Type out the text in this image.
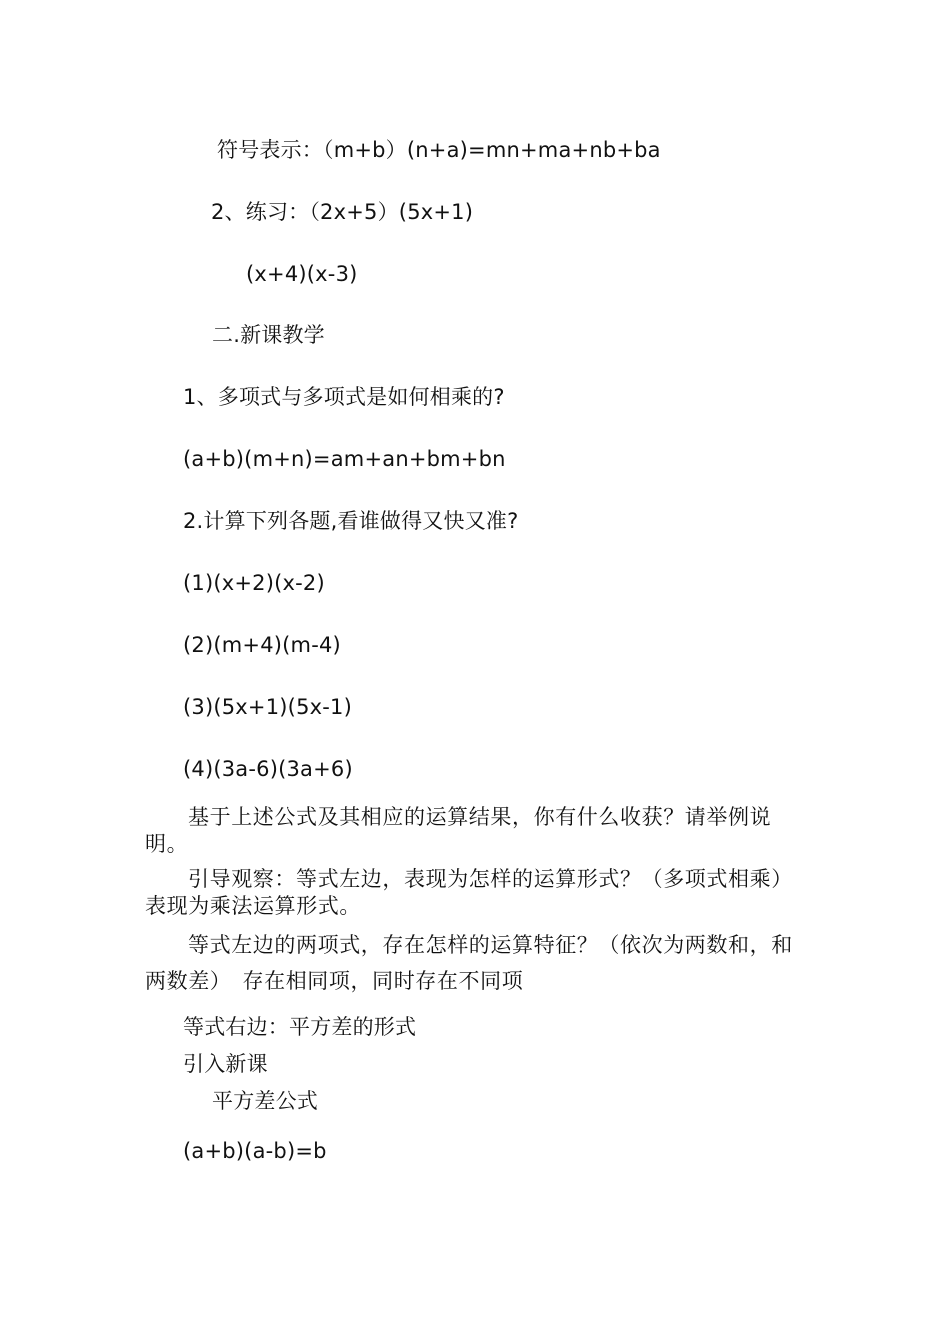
符号表示：（m+b）(n+a)=mn+ma+nb+ba
2、练习：（2x+5）(5x+1)
(x+4)(x-3)
二.新课教学
1、多项式与多项式是如何相乘的?
(a+b)(m+n)=am+an+bm+bn
2.计算下列各题,看谁做得又快又准?
(1)(x+2)(x-2)
(2)(m+4)(m-4)
(3)(5x+1)(5x-1)
(4)(3a-6)(3a+6)
基于上述公式及其相应的运算结果，你有什么收获？请举例说明。
引导观察：等式左边，表现为怎样的运算形式？（多项式相乘）表现为乘法运算形式。
等式左边的两项式，存在怎样的运算特征？（依次为两数和，和两数差）　存在相同项，同时存在不同项
等式右边：平方差的形式
引入新课
平方差公式
(a+b)(a-b)=b
